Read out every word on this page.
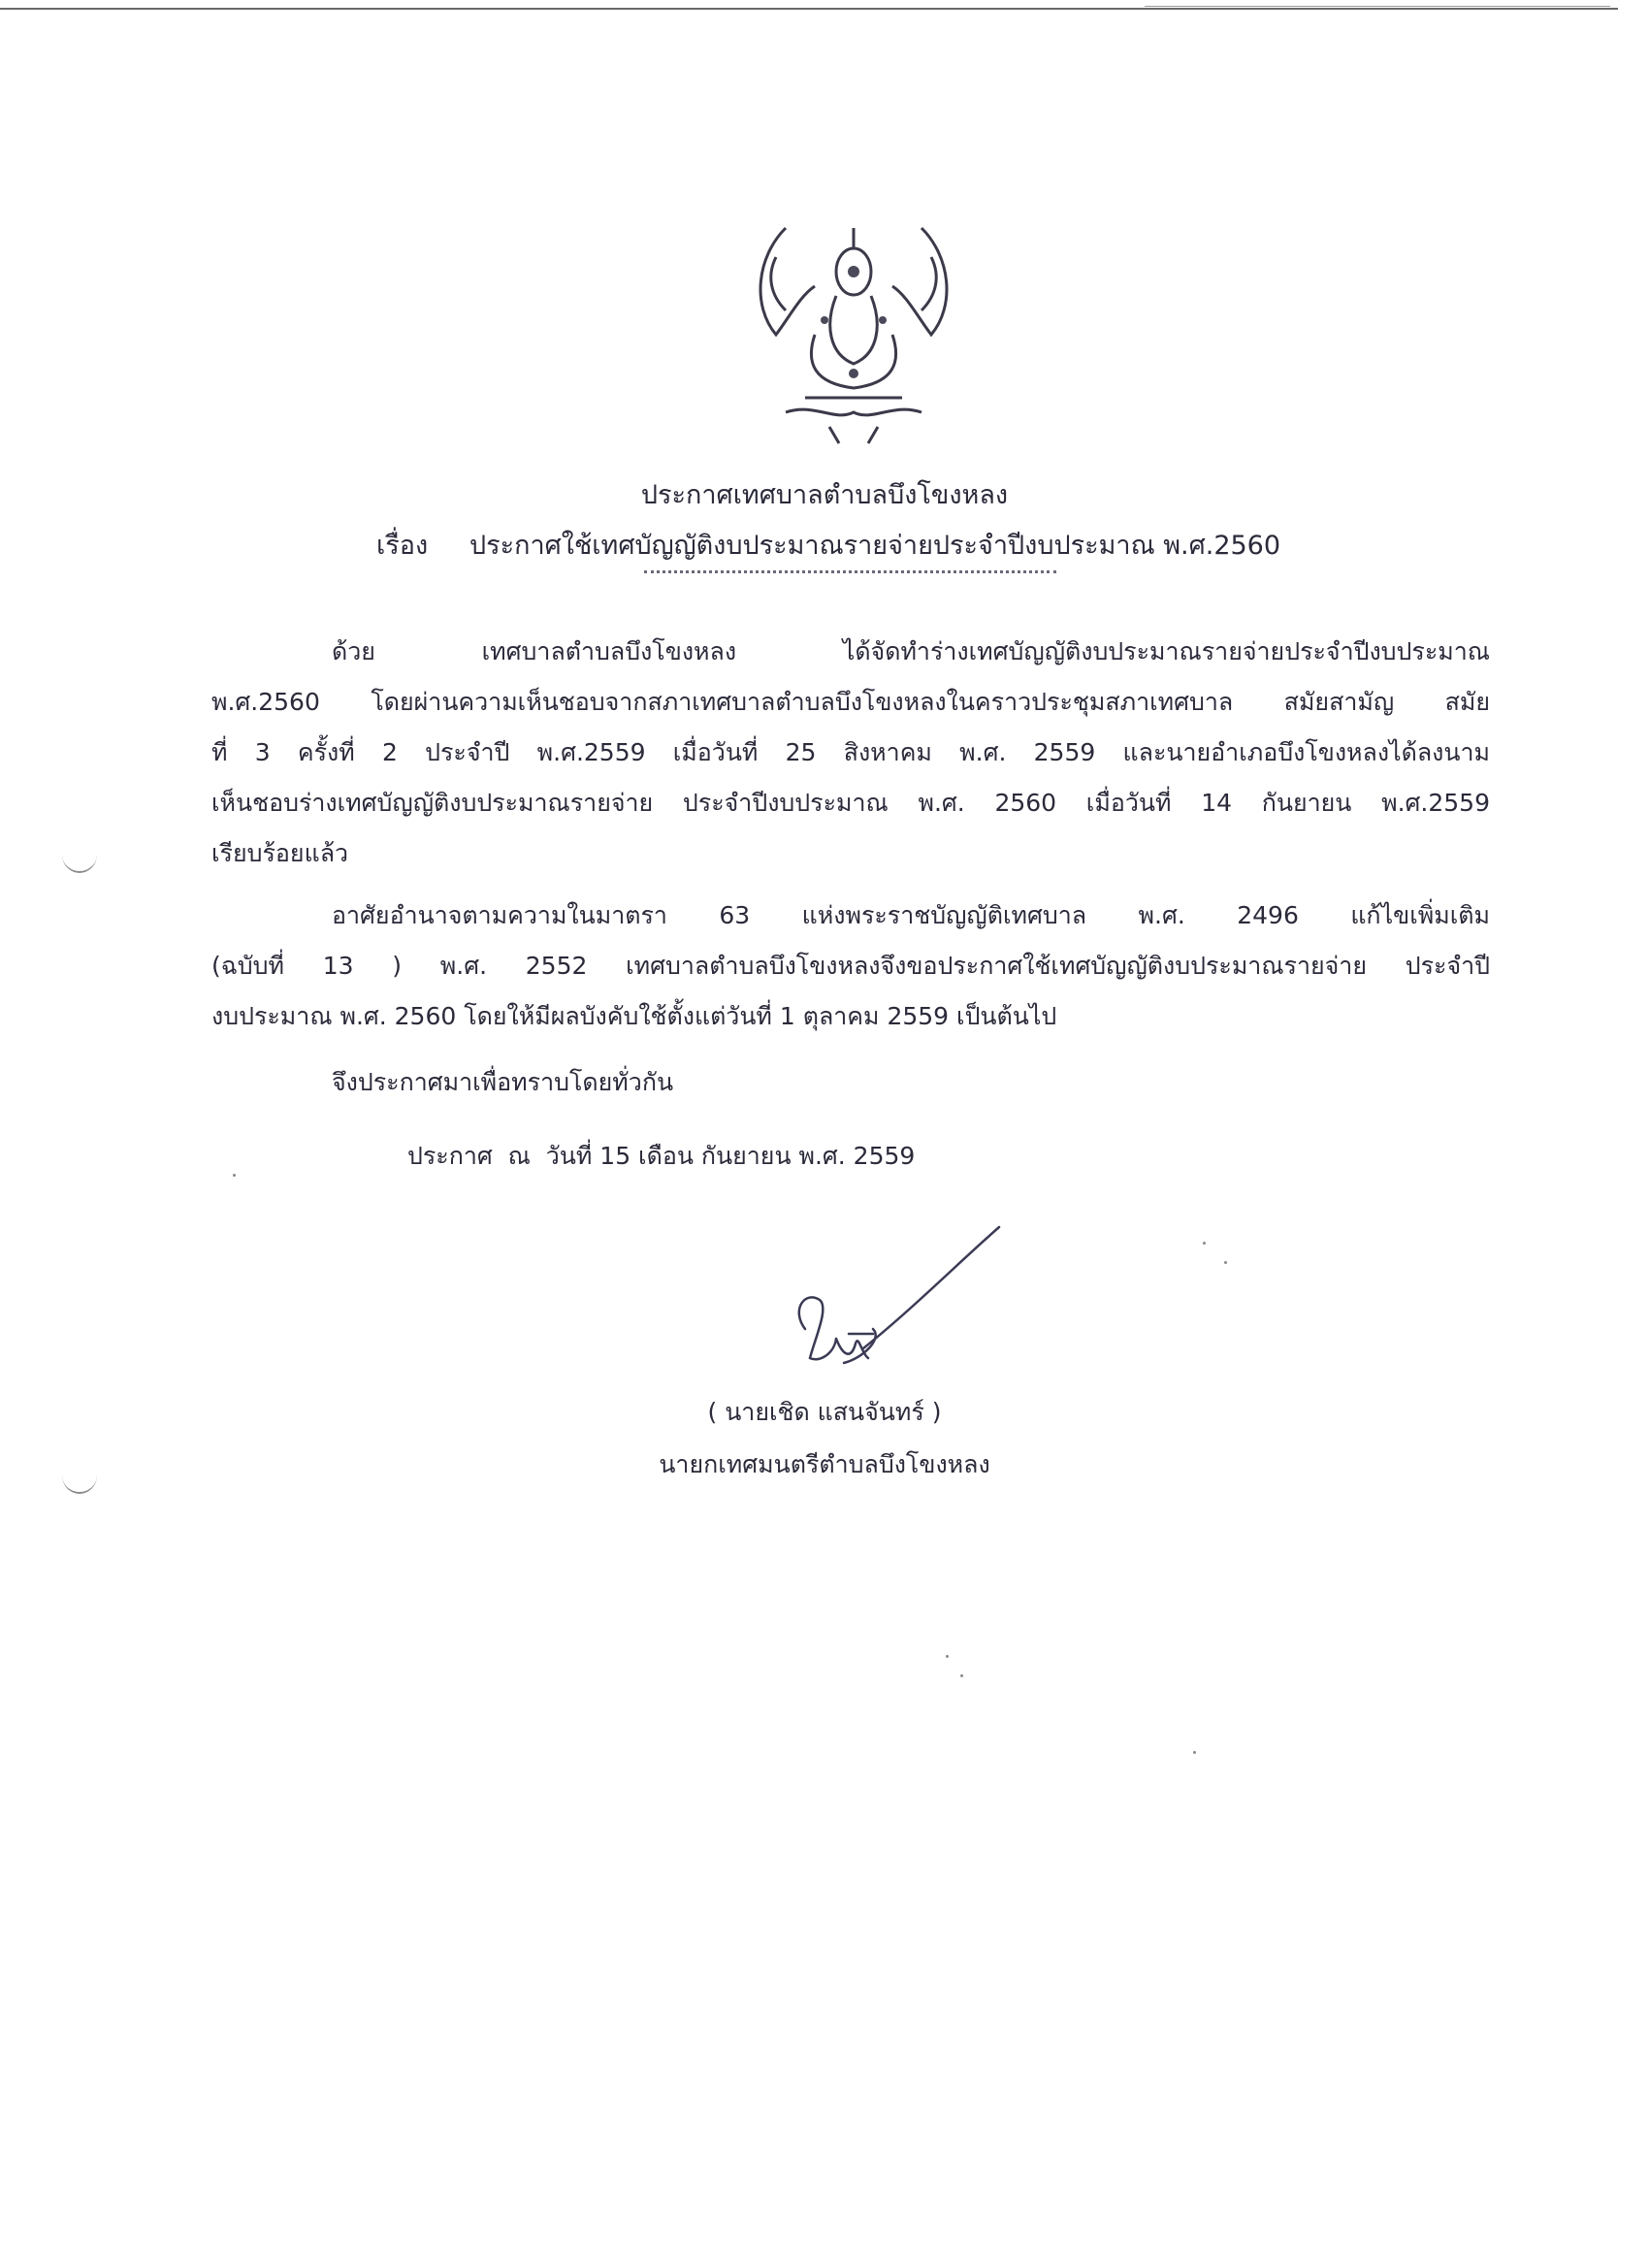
ประกาศเทศบาลตำบลบึงโขงหลง
เรื่อง ประกาศใช้เทศบัญญัติงบประมาณรายจ่ายประจำปีงบประมาณ พ.ศ.2560
ด้วย เทศบาลตำบลบึงโขงหลง ได้จัดทำร่างเทศบัญญัติงบประมาณรายจ่ายประจำปีงบประมาณ
พ.ศ.2560 โดยผ่านความเห็นชอบจากสภาเทศบาลตำบลบึงโขงหลงในคราวประชุมสภาเทศบาล สมัยสามัญ สมัย
ที่ 3 ครั้งที่ 2 ประจำปี พ.ศ.2559 เมื่อวันที่ 25 สิงหาคม พ.ศ. 2559 และนายอำเภอบึงโขงหลงได้ลงนาม
เห็นชอบร่างเทศบัญญัติงบประมาณรายจ่าย ประจำปีงบประมาณ พ.ศ. 2560 เมื่อวันที่ 14 กันยายน พ.ศ.2559
เรียบร้อยแล้ว
อาศัยอำนาจตามความในมาตรา 63 แห่งพระราชบัญญัติเทศบาล พ.ศ. 2496 แก้ไขเพิ่มเติม
(ฉบับที่ 13 ) พ.ศ. 2552 เทศบาลตำบลบึงโขงหลงจึงขอประกาศใช้เทศบัญญัติงบประมาณรายจ่าย ประจำปี
งบประมาณ พ.ศ. 2560 โดยให้มีผลบังคับใช้ตั้งแต่วันที่ 1 ตุลาคม 2559 เป็นต้นไป
จึงประกาศมาเพื่อทราบโดยทั่วกัน
ประกาศ  ณ  วันที่ 15 เดือน กันยายน พ.ศ. 2559
( นายเชิด แสนจันทร์ )
นายกเทศมนตรีตำบลบึงโขงหลง
